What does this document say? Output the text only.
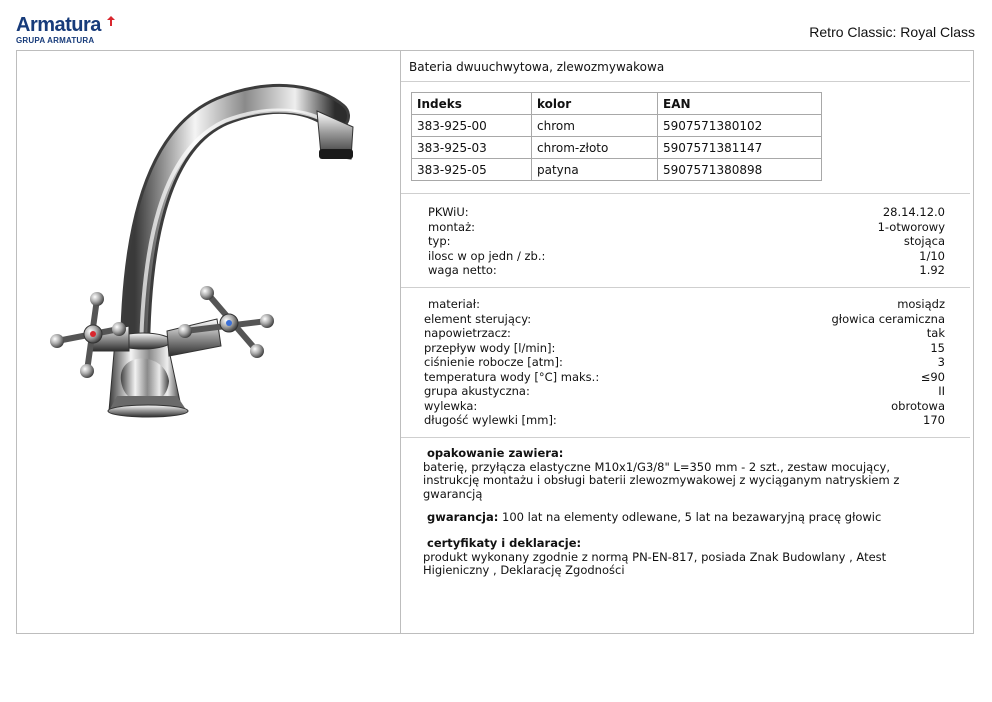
Armatura
GRUPA ARMATURA
Retro Classic: Royal Class
Bateria dwuuchwytowa, zlewozmywakowa
Indeks	kolor	EAN
383-925-00	chrom	5907571380102
383-925-03	chrom-złoto	5907571381147
383-925-05	patyna	5907571380898
PKWiU:	28.14.12.0
montaż:	1-otworowy
typ:	stojąca
ilosc w op jedn / zb.:	1/10
waga netto:	1.92
materiał:	mosiądz
element sterujący:	głowica ceramiczna
napowietrzacz:	tak
przepływ wody [l/min]:	15
ciśnienie robocze [atm]:	3
temperatura wody [°C] maks.:	≤90
grupa akustyczna:	II
wylewka:	obrotowa
długość wylewki [mm]:	170
opakowanie zawiera:
baterię, przyłącza elastyczne M10x1/G3/8" L=350 mm - 2 szt., zestaw mocujący, instrukcję montażu i obsługi baterii zlewozmywakowej z wyciąganym natryskiem z gwarancją
gwarancja: 100 lat na elementy odlewane, 5 lat na bezawaryjną pracę głowic
certyfikaty i deklaracje:
produkt wykonany zgodnie z normą PN-EN-817, posiada Znak Budowlany , Atest Higieniczny , Deklarację Zgodności
